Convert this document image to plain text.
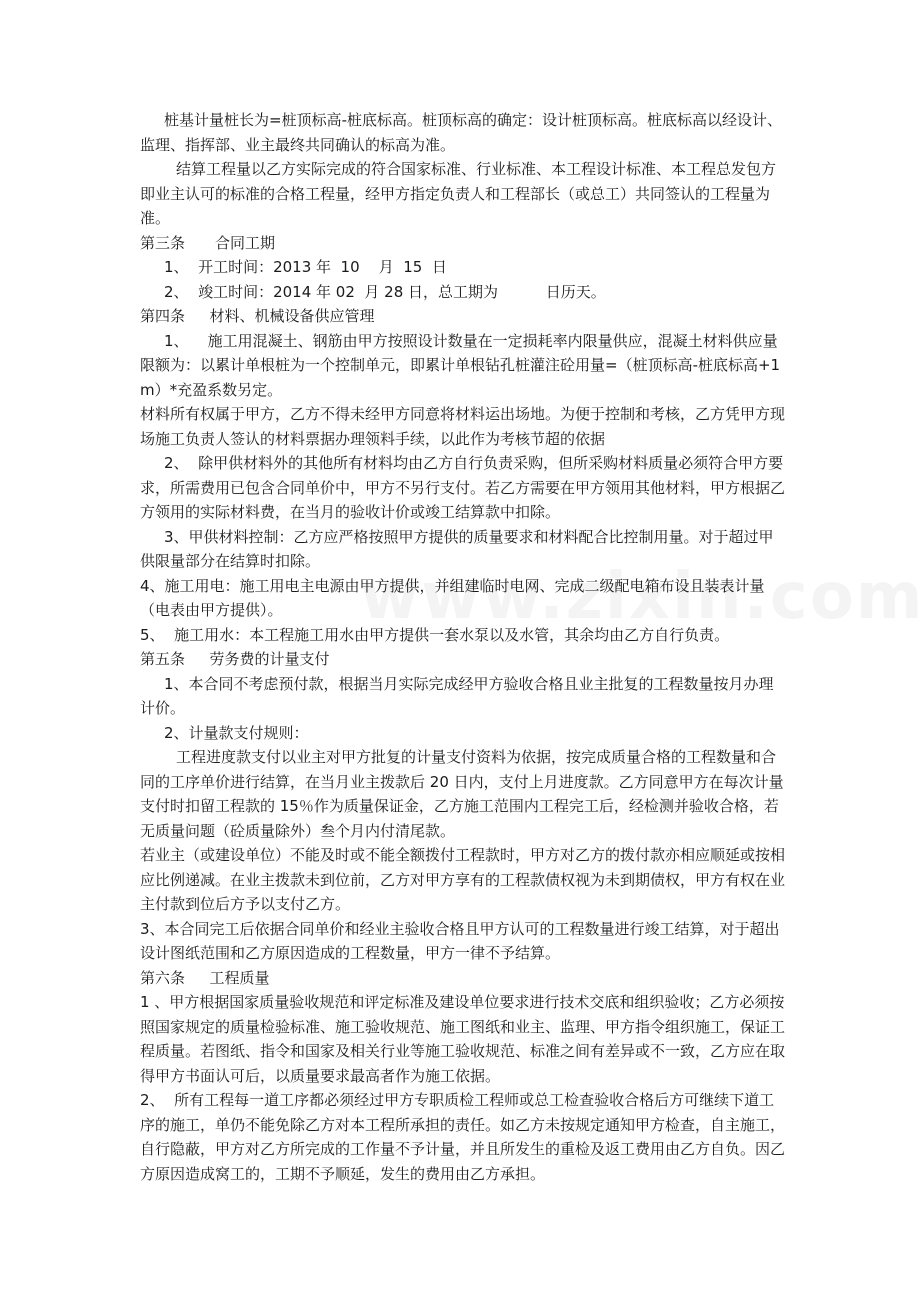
桩基计量桩长为=桩顶标高-桩底标高。桩顶标高的确定：设计桩顶标高。桩底标高以经设计、监理、指挥部、业主最终共同确认的标高为准。

结算工程量以乙方实际完成的符合国家标准、行业标准、本工程设计标准、本工程总发包方即业主认可的标准的合格工程量，经甲方指定负责人和工程部长（或总工）共同签认的工程量为准。

第三条　　合同工期

1、  开工时间：2013 年  10    月  15  日

2、  竣工时间：2014 年 02  月 28 日，总工期为          日历天。

第四条　  材料、机械设备供应管理

1、    施工用混凝土、钢筋由甲方按照设计数量在一定损耗率内限量供应，混凝土材料供应量限额为：以累计单根桩为一个控制单元，即累计单根钻孔桩灌注砼用量=（桩顶标高-桩底标高+1m）*充盈系数另定。

材料所有权属于甲方，乙方不得未经甲方同意将材料运出场地。为便于控制和考核，乙方凭甲方现场施工负责人签认的材料票据办理领料手续，以此作为考核节超的依据

2、  除甲供材料外的其他所有材料均由乙方自行负责采购，但所采购材料质量必须符合甲方要求，所需费用已包含合同单价中，甲方不另行支付。若乙方需要在甲方领用其他材料，甲方根据乙方领用的实际材料费，在当月的验收计价或竣工结算款中扣除。

3、甲供材料控制：乙方应严格按照甲方提供的质量要求和材料配合比控制用量。对于超过甲供限量部分在结算时扣除。

4、施工用电：施工用电主电源由甲方提供，并组建临时电网、完成二级配电箱布设且装表计量（电表由甲方提供）。

5、  施工用水：本工程施工用水由甲方提供一套水泵以及水管，其余均由乙方自行负责。

第五条　  劳务费的计量支付

1、本合同不考虑预付款，根据当月实际完成经甲方验收合格且业主批复的工程数量按月办理计价。

2、计量款支付规则：

工程进度款支付以业主对甲方批复的计量支付资料为依据，按完成质量合格的工程数量和合同的工序单价进行结算，在当月业主拨款后 20 日内，支付上月进度款。乙方同意甲方在每次计量支付时扣留工程款的 15％作为质量保证金，乙方施工范围内工程完工后，经检测并验收合格，若无质量问题（砼质量除外）叁个月内付清尾款。

若业主（或建设单位）不能及时或不能全额拨付工程款时，甲方对乙方的拨付款亦相应顺延或按相应比例递减。在业主拨款未到位前，乙方对甲方享有的工程款债权视为未到期债权，甲方有权在业主付款到位后方予以支付乙方。

3、本合同完工后依据合同单价和经业主验收合格且甲方认可的工程数量进行竣工结算，对于超出设计图纸范围和乙方原因造成的工程数量，甲方一律不予结算。

第六条　  工程质量

1 、甲方根据国家质量验收规范和评定标准及建设单位要求进行技术交底和组织验收；乙方必须按照国家规定的质量检验标准、施工验收规范、施工图纸和业主、监理、甲方指令组织施工，保证工程质量。若图纸、指令和国家及相关行业等施工验收规范、标准之间有差异或不一致，乙方应在取得甲方书面认可后，以质量要求最高者作为施工依据。

2、  所有工程每一道工序都必须经过甲方专职质检工程师或总工检查验收合格后方可继续下道工序的施工，单仍不能免除乙方对本工程所承担的责任。如乙方未按规定通知甲方检查，自主施工，自行隐蔽，甲方对乙方所完成的工作量不予计量，并且所发生的重检及返工费用由乙方自负。因乙方原因造成窝工的，工期不予顺延，发生的费用由乙方承担。
